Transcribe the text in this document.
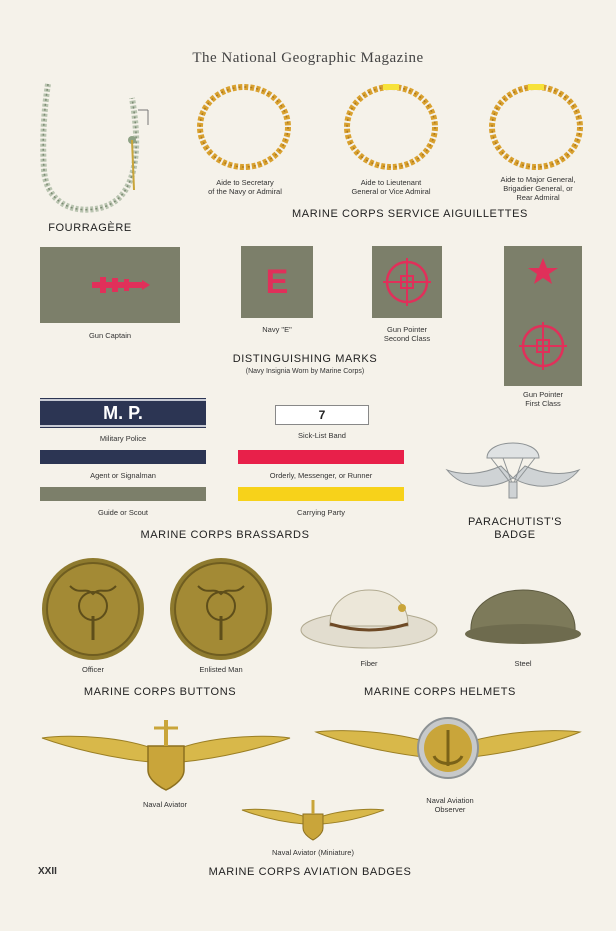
The National Geographic Magazine
FOURRAGÈRE
Aide to Secretary
of the Navy or Admiral
Aide to Lieutenant
General or Vice Admiral
Aide to Major General,
Brigadier General, or
Rear Admiral
MARINE CORPS SERVICE AIGUILLETTES
Gun Captain
E
Navy "E"	Gun Pointer
Second Class
Gun Pointer
First Class
DISTINGUISHING MARKS
(Navy Insignia Worn by Marine Corps)
M. P.
Military Police
Agent or Signalman
Guide or Scout
7
Sick-List Band
Orderly, Messenger, or Runner
Carrying Party
MARINE CORPS BRASSARDS
PARACHUTIST'S
BADGE
Officer	Enlisted Man
MARINE CORPS BUTTONS
Fiber	Steel
MARINE CORPS HELMETS
Naval Aviator	Naval Aviation
Observer
Naval Aviator (Miniature)
XXII	MARINE CORPS AVIATION BADGES
